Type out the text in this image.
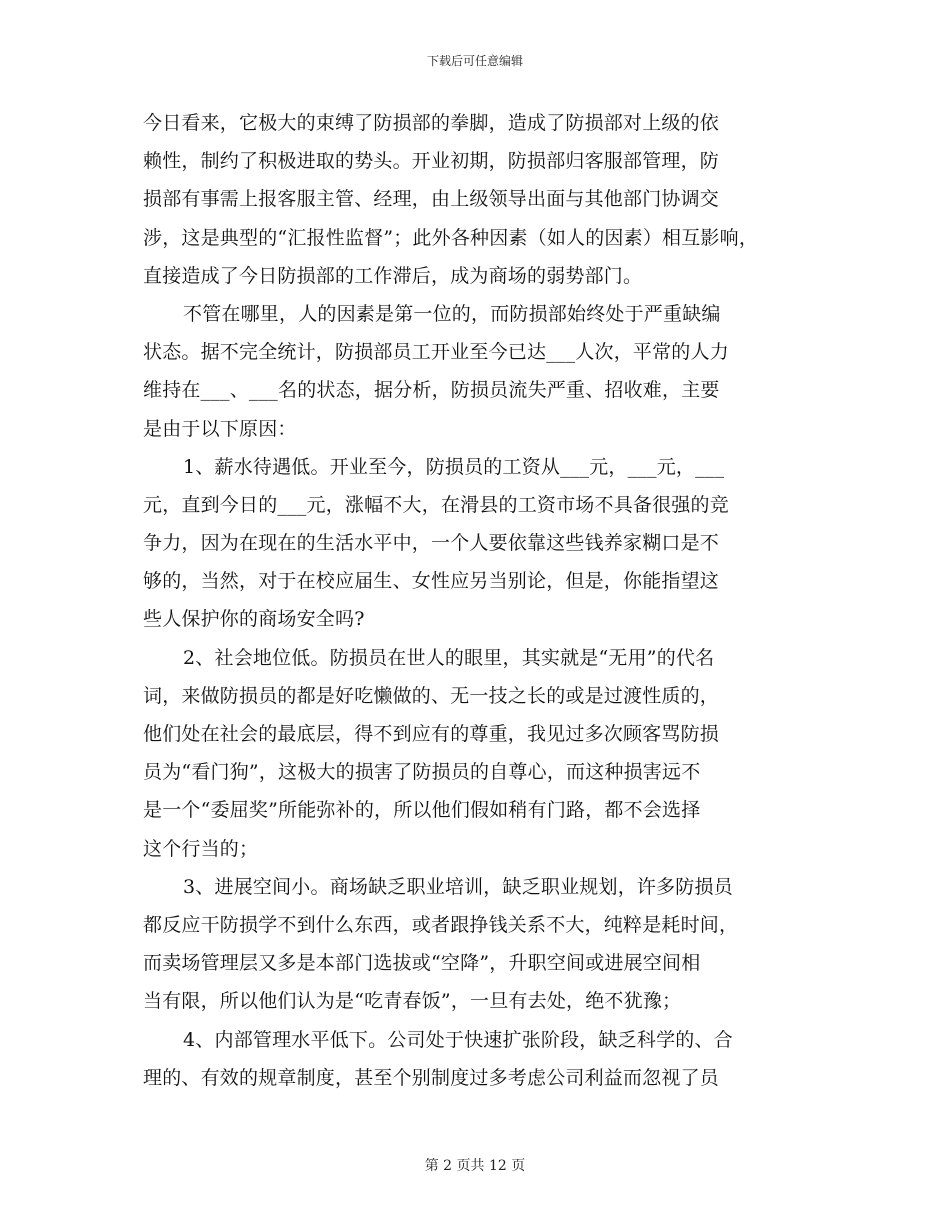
下载后可任意编辑
今日看来，它极大的束缚了防损部的拳脚，造成了防损部对上级的依
赖性，制约了积极进取的势头。开业初期，防损部归客服部管理，防
损部有事需上报客服主管、经理，由上级领导出面与其他部门协调交
涉，这是典型的“汇报性监督”；此外各种因素（如人的因素）相互影响，
直接造成了今日防损部的工作滞后，成为商场的弱势部门。
不管在哪里，人的因素是第一位的，而防损部始终处于严重缺编
状态。据不完全统计，防损部员工开业至今已达___人次，平常的人力
维持在___、___名的状态，据分析，防损员流失严重、招收难，主要
是由于以下原因：
1、薪水待遇低。开业至今，防损员的工资从___元，___元，___
元，直到今日的___元，涨幅不大，在滑县的工资市场不具备很强的竞
争力，因为在现在的生活水平中，一个人要依靠这些钱养家糊口是不
够的，当然，对于在校应届生、女性应另当别论，但是，你能指望这
些人保护你的商场安全吗?
2、社会地位低。防损员在世人的眼里，其实就是“无用”的代名
词，来做防损员的都是好吃懒做的、无一技之长的或是过渡性质的，
他们处在社会的最底层，得不到应有的尊重，我见过多次顾客骂防损
员为“看门狗”，这极大的损害了防损员的自尊心，而这种损害远不
是一个“委屈奖”所能弥补的，所以他们假如稍有门路，都不会选择
这个行当的；
3、进展空间小。商场缺乏职业培训，缺乏职业规划，许多防损员
都反应干防损学不到什么东西，或者跟挣钱关系不大，纯粹是耗时间，
而卖场管理层又多是本部门选拔或“空降”，升职空间或进展空间相
当有限，所以他们认为是“吃青春饭”，一旦有去处，绝不犹豫；
4、内部管理水平低下。公司处于快速扩张阶段，缺乏科学的、合
理的、有效的规章制度，甚至个别制度过多考虑公司利益而忽视了员
第 2 页共 12 页
